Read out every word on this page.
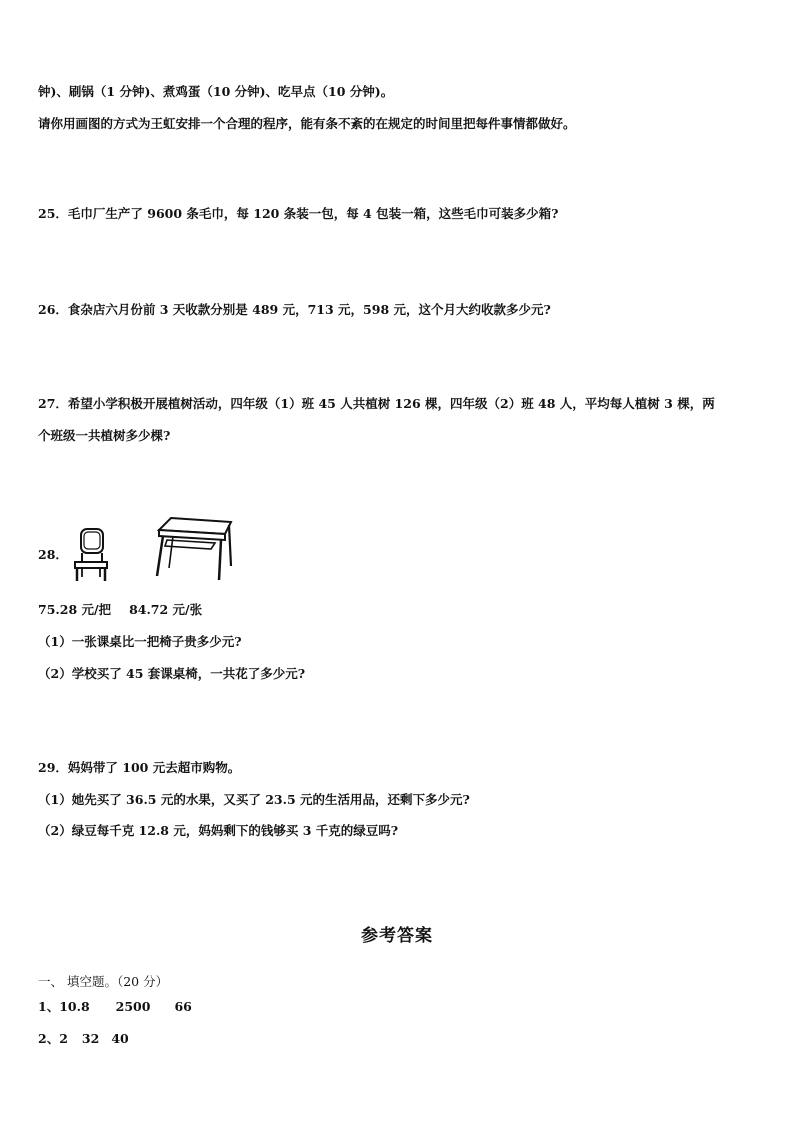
钟)、刷锅（1 分钟)、煮鸡蛋（10 分钟)、吃早点（10 分钟)。
请你用画图的方式为王虹安排一个合理的程序，能有条不紊的在规定的时间里把每件事情都做好。
25．毛巾厂生产了 9600 条毛巾，每 120 条装一包，每 4 包装一箱，这些毛巾可装多少箱?
26．食杂店六月份前 3 天收款分别是 489 元，713 元，598 元，这个月大约收款多少元?
27．希望小学积极开展植树活动，四年级（1）班 45 人共植树 126 棵，四年级（2）班 48 人，平均每人植树 3 棵，两
个班级一共植树多少棵?
28．
75.28 元/把 84.72 元/张
（1）一张课桌比一把椅子贵多少元?
（2）学校买了 45 套课桌椅，一共花了多少元?
29．妈妈带了 100 元去超市购物。
（1）她先买了 36.5 元的水果，又买了 23.5 元的生活用品，还剩下多少元?
（2）绿豆每千克 12.8 元，妈妈剩下的钱够买 3 千克的绿豆吗?
参考答案
一、 填空题。（20 分）
1、10.8 2500 66
2、2 32 40
